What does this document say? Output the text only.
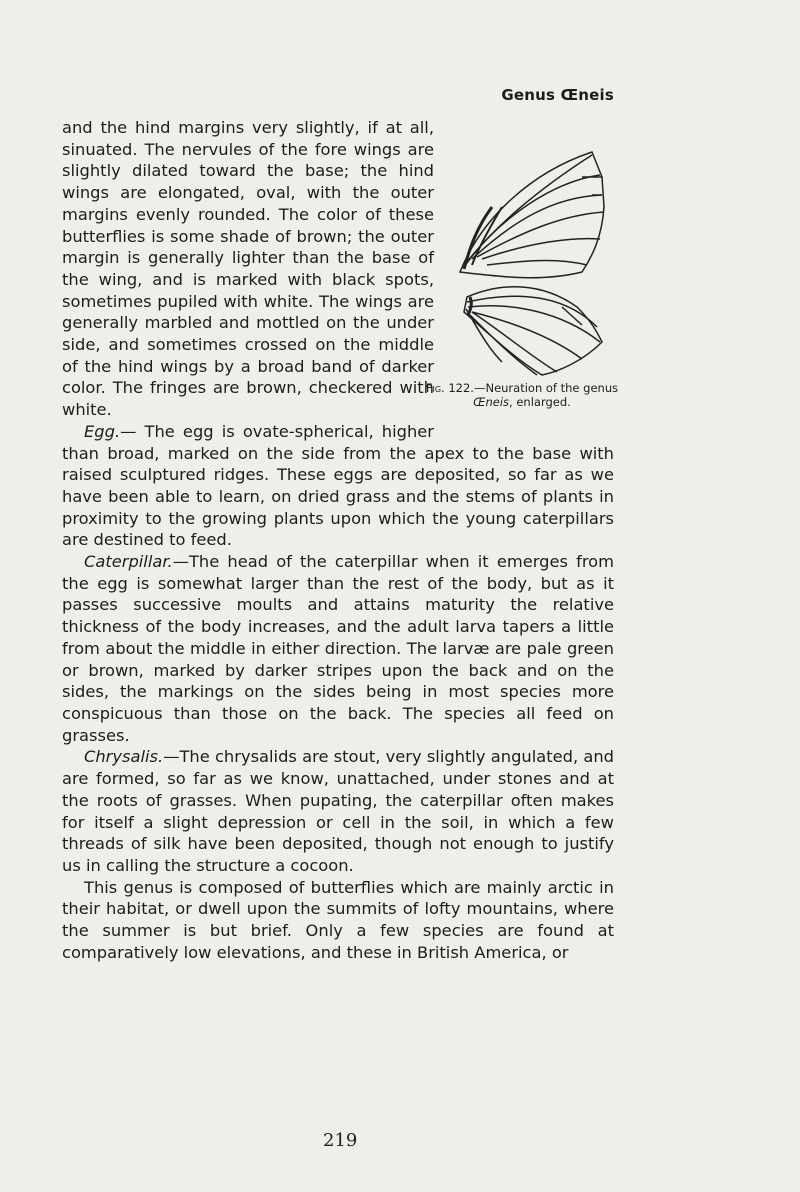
Genus Œneis
Fig. 122.—Neuration of the genus Œneis, enlarged.

and the hind margins very slightly, if at all, sinuated. The nervules of the fore wings are slightly dilated toward the base; the hind wings are elongated, oval, with the outer margins evenly rounded. The color of these butterflies is some shade of brown; the outer margin is generally lighter than the base of the wing, and is marked with black spots, sometimes pupiled with white. The wings are generally marbled and mottled on the under side, and sometimes crossed on the middle of the hind wings by a broad band of darker color. The fringes are brown, checkered with white.

Egg.— The egg is ovate-spherical, higher than broad, marked on the side from the apex to the base with raised sculptured ridges. These eggs are deposited, so far as we have been able to learn, on dried grass and the stems of plants in proximity to the growing plants upon which the young caterpillars are destined to feed.

Caterpillar.—The head of the caterpillar when it emerges from the egg is somewhat larger than the rest of the body, but as it passes successive moults and attains maturity the relative thickness of the body increases, and the adult larva tapers a little from about the middle in either direction. The larvæ are pale green or brown, marked by darker stripes upon the back and on the sides, the markings on the sides being in most species more conspicuous than those on the back. The species all feed on grasses.

Chrysalis.—The chrysalids are stout, very slightly angulated, and are formed, so far as we know, unattached, under stones and at the roots of grasses. When pupating, the caterpillar often makes for itself a slight depression or cell in the soil, in which a few threads of silk have been deposited, though not enough to justify us in calling the structure a cocoon.

This genus is composed of butterflies which are mainly arctic in their habitat, or dwell upon the summits of lofty mountains, where the summer is but brief. Only a few species are found at comparatively low elevations, and these in British America, or

219
